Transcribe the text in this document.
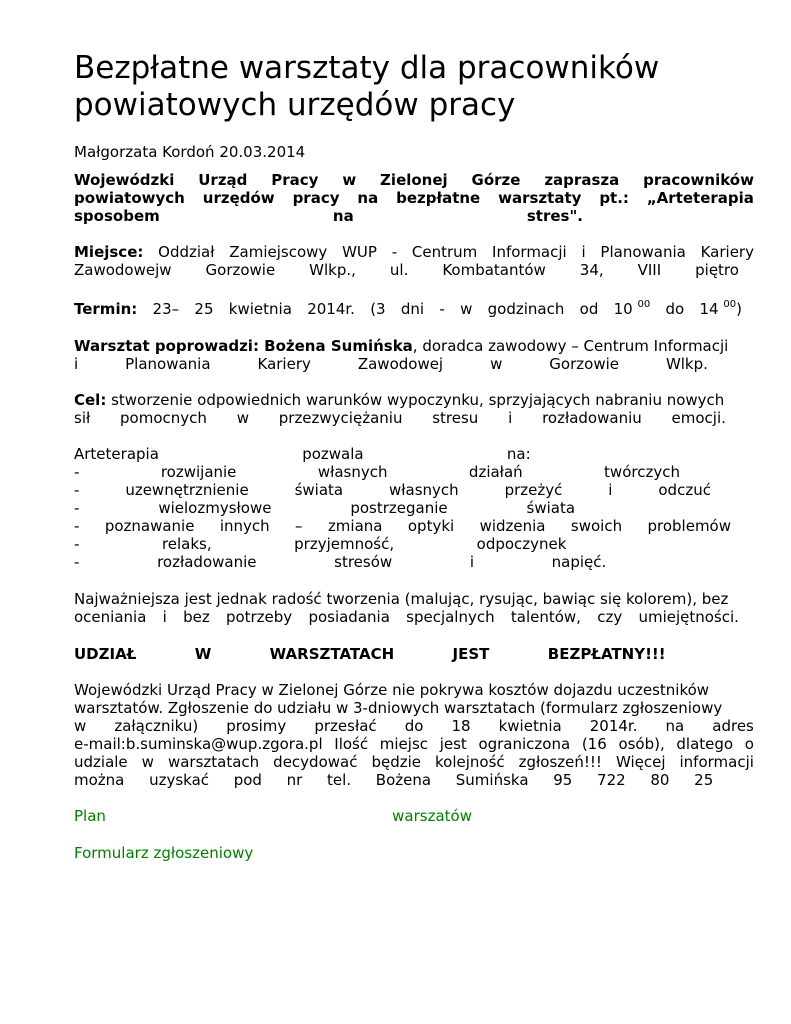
Bezpłatne warsztaty dla pracowników
powiatowych urzędów pracy
Małgorzata Kordoń 20.03.2014
Wojewódzki Urząd Pracy w Zielonej Górze zaprasza pracowników
powiatowych urzędów pracy na bezpłatne warsztaty pt.: „Arteterapia
sposobem	na	stres".
Miejsce: Oddział Zamiejscowy WUP - Centrum Informacji i Planowania Kariery
Zawodowejw Gorzowie Wlkp., ul. Kombatantów 34, VIII piętro
Termin: 23– 25 kwietnia 2014r. (3 dni - w godzinach od 10 $^{00}$ do 14 $^{00}$)
Warsztat poprowadzi: Bożena Sumińska, doradca zawodowy – Centrum Informacji
i	Planowania	Kariery	Zawodowej	w	Gorzowie	Wlkp.
Cel: stworzenie odpowiednich warunków wypoczynku, sprzyjających nabraniu nowych
sił pomocnych w przezwyciężaniu stresu i rozładowaniu emocji.
Arteterapia	pozwala	na:
-	rozwijanie	własnych	działań	twórczych
-	uzewnętrznienie	świata	własnych	przeżyć	i	odczuć
-	wielozmysłowe	postrzeganie	świata
- poznawanie innych – zmiana optyki widzenia swoich problemów
-	relaks,	przyjemność,	odpoczynek
-	rozładowanie	stresów	i	napięć.
Najważniejsza jest jednak radość tworzenia (malując, rysując, bawiąc się kolorem), bez
oceniania i bez potrzeby posiadania specjalnych talentów, czy umiejętności.
UDZIAŁ	W	WARSZTATACH	JEST	BEZPŁATNY!!!
Wojewódzki Urząd Pracy w Zielonej Górze nie pokrywa kosztów dojazdu uczestników
warsztatów. Zgłoszenie do udziału w 3-dniowych warsztatach (formularz zgłoszeniowy
w załączniku) prosimy przesłać do 18 kwietnia 2014r. na adres
e-mail:b.suminska@wup.zgora.pl Ilość miejsc jest ograniczona (16 osób), dlatego o
udziale w warsztatach decydować będzie kolejność zgłoszeń!!! Więcej informacji
można uzyskać pod nr tel. Bożena Sumińska 95 722 80 25
Plan	warszatów
Formularz zgłoszeniowy
